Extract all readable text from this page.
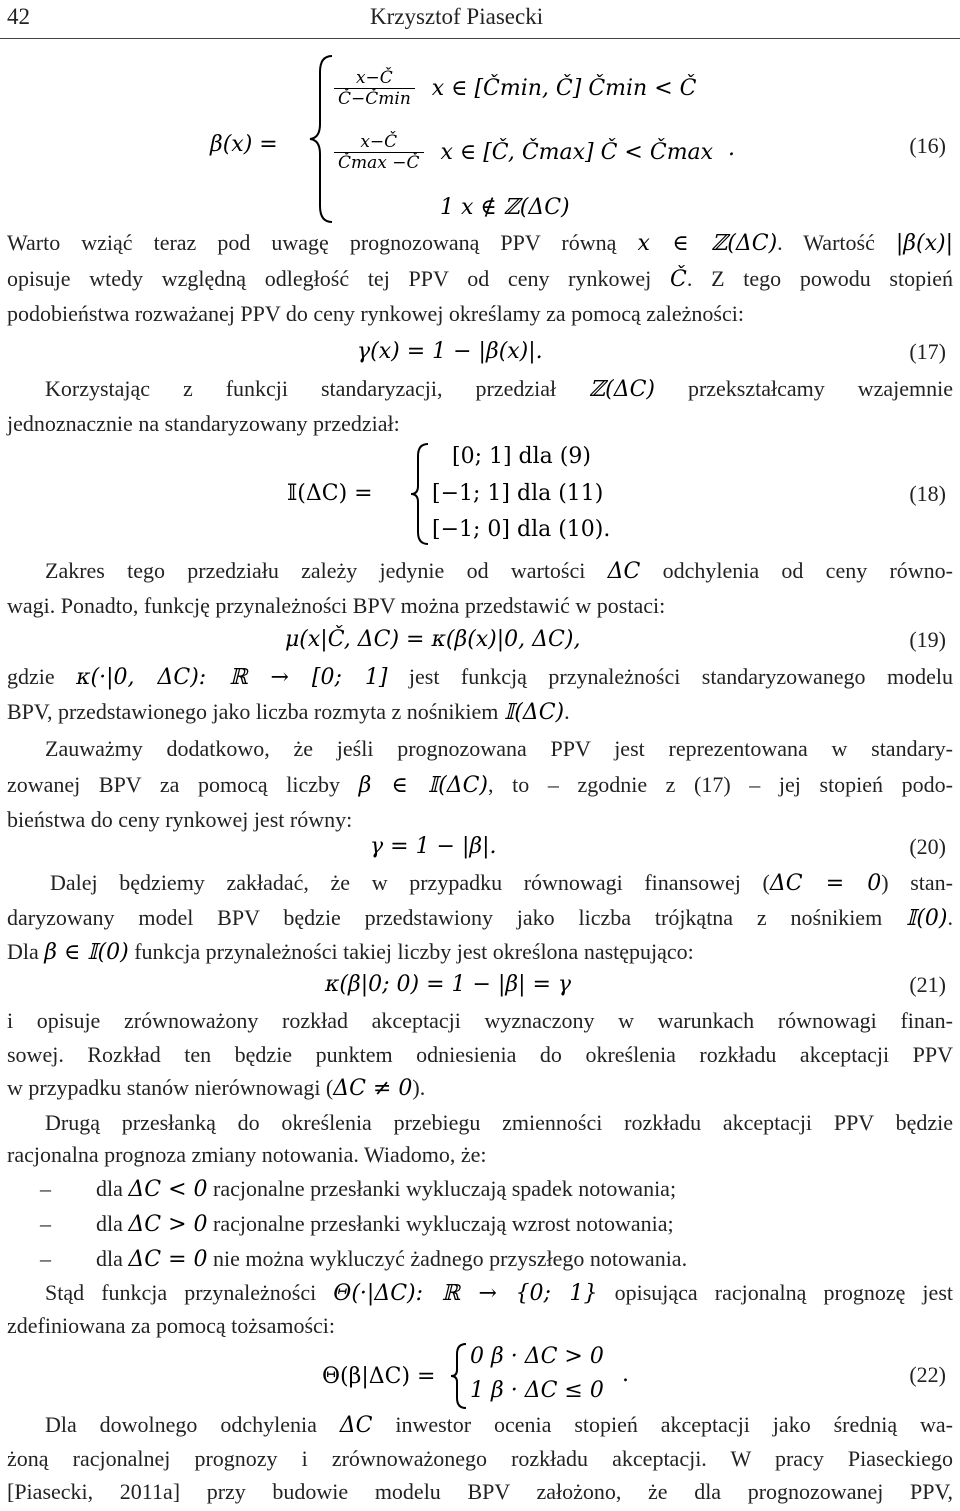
42	Krzysztof Piasecki
β(x) =
$\frac{x-Č}{Č-Č\min}$ x ∈ [Čmin, Č] Čmin < Č
$\frac{x-Č}{Č\max -Č}$ x ∈ [Č, Čmax] Č < Čmax .
1 x ∉ ℤ(ΔC)
(16)
Warto wziąć teraz pod uwagę prognozowaną PPV równą x ∈ ℤ(ΔC). Wartość |β(x)|
opisuje wtedy względną odległość tej PPV od ceny rynkowej Č. Z tego powodu stopień
podobieństwa rozważanej PPV do ceny rynkowej określamy za pomocą zależności:
γ(x) = 1 − |β(x)|.	(17)
Korzystając z funkcji standaryzacji, przedział ℤ(ΔC) przekształcamy wzajemnie
jednoznacznie na standaryzowany przedział:
𝕀(ΔC) =
[0; 1] dla (9)
[−1; 1] dla (11)
[−1; 0] dla (10).
(18)
Zakres tego przedziału zależy jedynie od wartości ΔC odchylenia od ceny równo-
wagi. Ponadto, funkcję przynależności BPV można przedstawić w postaci:
μ(x|Č, ΔC) = κ(β(x)|0, ΔC),	(19)
gdzie κ(·|0, ΔC): ℝ → [0; 1] jest funkcją przynależności standaryzowanego modelu
BPV, przedstawionego jako liczba rozmyta z nośnikiem 𝕀(ΔC).
Zauważmy dodatkowo, że jeśli prognozowana PPV jest reprezentowana w standary-
zowanej BPV za pomocą liczby β ∈ 𝕀(ΔC), to – zgodnie z (17) – jej stopień podo-
bieństwa do ceny rynkowej jest równy:
γ = 1 − |β|.	(20)
Dalej będziemy zakładać, że w przypadku równowagi finansowej (ΔC = 0) stan-
daryzowany model BPV będzie przedstawiony jako liczba trójkątna z nośnikiem 𝕀(0).
Dla β ∈ 𝕀(0) funkcja przynależności takiej liczby jest określona następująco:
κ(β|0; 0) = 1 − |β| = γ	(21)
i opisuje zrównoważony rozkład akceptacji wyznaczony w warunkach równowagi finan-
sowej. Rozkład ten będzie punktem odniesienia do określenia rozkładu akceptacji PPV
w przypadku stanów nierównowagi (ΔC ≠ 0).
Drugą przesłanką do określenia przebiegu zmienności rozkładu akceptacji PPV będzie
racjonalna prognoza zmiany notowania. Wiadomo, że:
– dla ΔC < 0 racjonalne przesłanki wykluczają spadek notowania;
– dla ΔC > 0 racjonalne przesłanki wykluczają wzrost notowania;
– dla ΔC = 0 nie można wykluczyć żadnego przyszłego notowania.
Stąd funkcja przynależności Θ(·|ΔC): ℝ → {0; 1} opisująca racjonalną prognozę jest
zdefiniowana za pomocą tożsamości:
Θ(β|ΔC) =
0 β · ΔC > 0
1 β · ΔC ≤ 0
.	(22)
Dla dowolnego odchylenia ΔC inwestor ocenia stopień akceptacji jako średnią wa-
żoną racjonalnej prognozy i zrównoważonego rozkładu akceptacji. W pracy Piaseckiego
[Piasecki, 2011a] przy budowie modelu BPV założono, że dla prognozowanej PPV,
